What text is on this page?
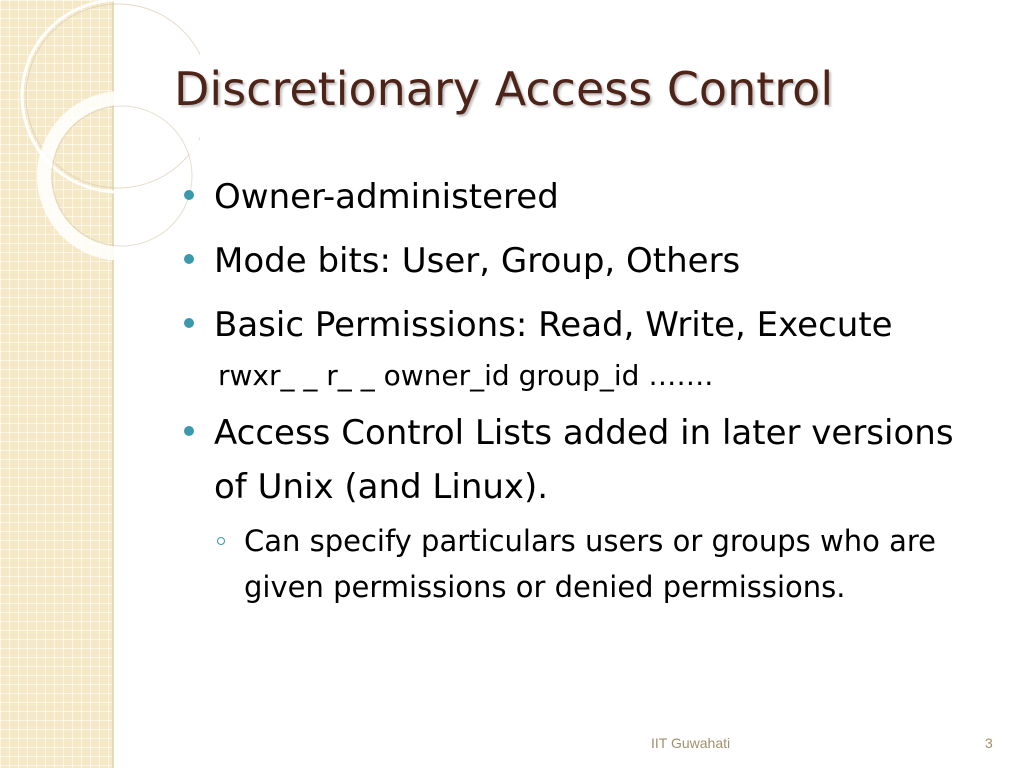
Discretionary Access Control
Owner-administered
Mode bits: User, Group, Others
Basic Permissions: Read, Write, Execute
rwxr_ _ r_ _ owner_id group_id …….
Access Control Lists added in later versions of Unix (and Linux).
Can specify particulars users or groups who are given permissions or denied permissions.
IIT Guwahati	3
